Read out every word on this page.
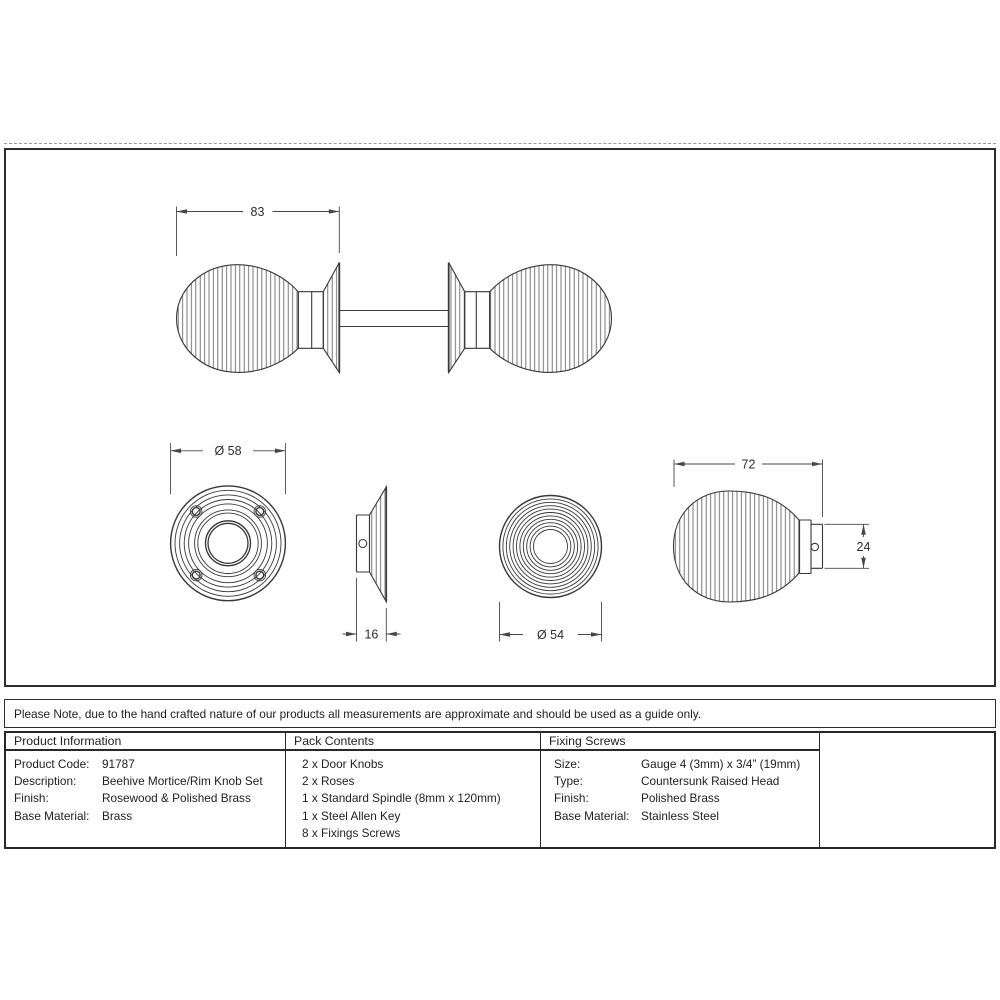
83
Ø 58
16	Ø 54
72
24
Please Note, due to the hand crafted nature of our products all measurements are approximate and should be used as a guide only.
Product Information
Product Code:	91787
Description:	Beehive Mortice/Rim Knob Set
Finish:	Rosewood & Polished Brass
Base Material:	Brass
Pack Contents
2 x Door Knobs
2 x Roses
1 x Standard Spindle (8mm x 120mm)
1 x Steel Allen Key
8 x Fixings Screws
Fixing Screws
Size:	Gauge 4 (3mm) x 3/4” (19mm)
Type:	Countersunk Raised Head
Finish:	Polished Brass
Base Material: Stainless Steel
